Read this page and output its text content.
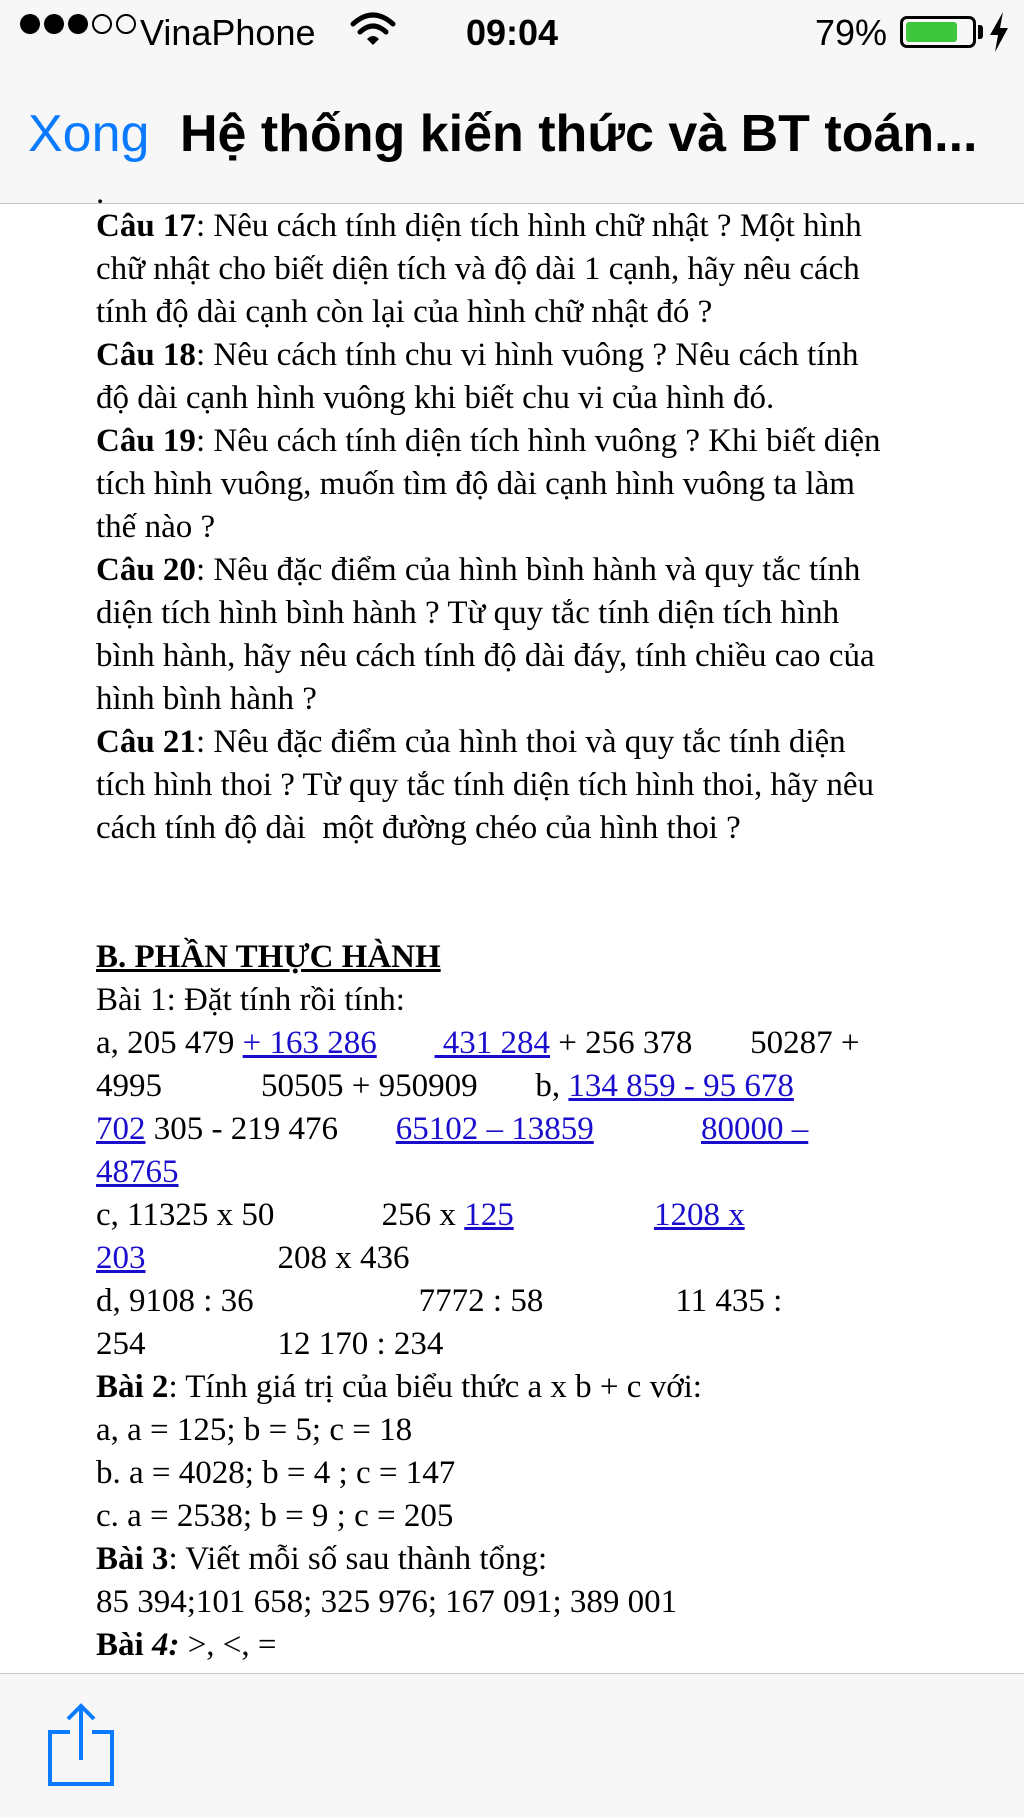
VinaPhone	09:04	79%
Xong Hệ thống kiến thức và BT toán...
.
Câu 17: Nêu cách tính diện tích hình chữ nhật ? Một hình
chữ nhật cho biết diện tích và độ dài 1 cạnh, hãy nêu cách
tính độ dài cạnh còn lại của hình chữ nhật đó ?
Câu 18: Nêu cách tính chu vi hình vuông ? Nêu cách tính
độ dài cạnh hình vuông khi biết chu vi của hình đó.
Câu 19: Nêu cách tính diện tích hình vuông ? Khi biết diện
tích hình vuông, muốn tìm độ dài cạnh hình vuông ta làm
thế nào ?
Câu 20: Nêu đặc điểm của hình bình hành và quy tắc tính
diện tích hình bình hành ? Từ quy tắc tính diện tích hình
bình hành, hãy nêu cách tính độ dài đáy, tính chiều cao của
hình bình hành ?
Câu 21: Nêu đặc điểm của hình thoi và quy tắc tính diện
tích hình thoi ? Từ quy tắc tính diện tích hình thoi, hãy nêu
cách tính độ dài  một đường chéo của hình thoi ?
B. PHẦN THỰC HÀNH
Bài 1: Đặt tính rồi tính:
a, 205 479 + 163 286        431 284 + 256 378       50287 +
4995            50505 + 950909       b, 134 859 - 95 678
702 305 - 219 476       65102 – 13859	80000 –
48765
c, 11325 x 50             256 x 125	1208 x
203                208 x 436
d, 9108 : 36                    7772 : 58                11 435 :
254                12 170 : 234
Bài 2: Tính giá trị của biểu thức a x b + c với:
a, a = 125; b = 5; c = 18
b. a = 4028; b = 4 ; c = 147
c. a = 2538; b = 9 ; c = 205
Bài 3: Viết mỗi số sau thành tổng:
85 394;101 658; 325 976; 167 091; 389 001
Bài 4: >, <, =
